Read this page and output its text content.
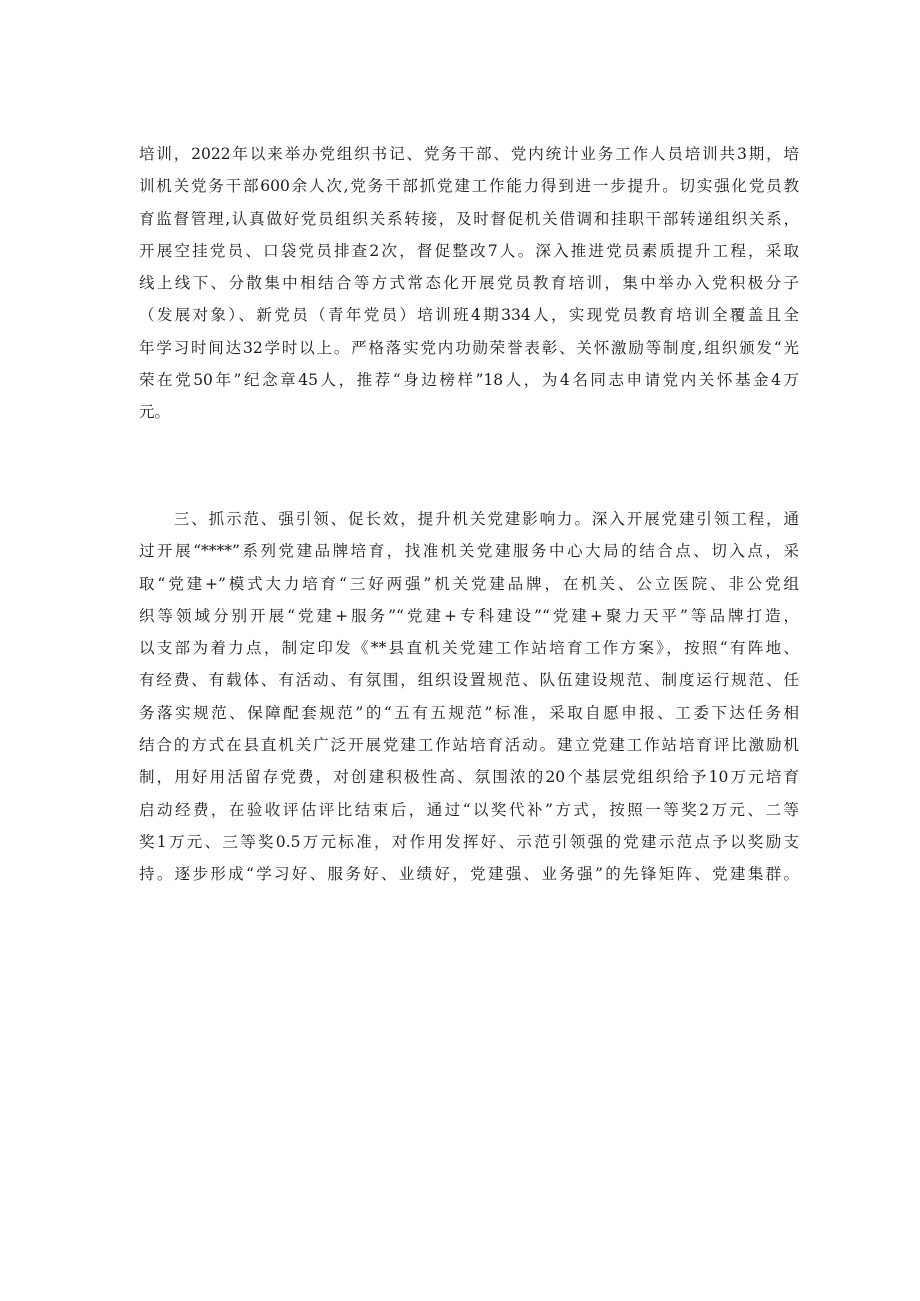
培训，2022年以来举办党组织书记、党务干部、党内统计业务工作人员培训共3期，培
训机关党务干部600余人次,党务干部抓党建工作能力得到进一步提升。切实强化党员教
育监督管理,认真做好党员组织关系转接，及时督促机关借调和挂职干部转递组织关系，
开展空挂党员、口袋党员排查2次，督促整改7人。深入推进党员素质提升工程，采取
线上线下、分散集中相结合等方式常态化开展党员教育培训，集中举办入党积极分子
（发展对象）、新党员（青年党员）培训班4期334人，实现党员教育培训全覆盖且全
年学习时间达32学时以上。严格落实党内功勋荣誉表彰、关怀激励等制度,组织颁发“光
荣在党50年”纪念章45人，推荐“身边榜样”18人，为4名同志申请党内关怀基金4万
元。
　　三、抓示范、强引领、促长效，提升机关党建影响力。深入开展党建引领工程，通
过开展“****”系列党建品牌培育，找准机关党建服务中心大局的结合点、切入点，采
取“党建+”模式大力培育“三好两强”机关党建品牌，在机关、公立医院、非公党组
织等领域分别开展“党建+服务”“党建+专科建设”“党建+聚力天平”等品牌打造，
以支部为着力点，制定印发《**县直机关党建工作站培育工作方案》，按照“有阵地、
有经费、有载体、有活动、有氛围，组织设置规范、队伍建设规范、制度运行规范、任
务落实规范、保障配套规范”的“五有五规范”标准，采取自愿申报、工委下达任务相
结合的方式在县直机关广泛开展党建工作站培育活动。建立党建工作站培育评比激励机
制，用好用活留存党费，对创建积极性高、氛围浓的20个基层党组织给予10万元培育
启动经费，在验收评估评比结束后，通过“以奖代补”方式，按照一等奖2万元、二等
奖1万元、三等奖0.5万元标准，对作用发挥好、示范引领强的党建示范点予以奖励支
持。逐步形成“学习好、服务好、业绩好，党建强、业务强”的先锋矩阵、党建集群。
